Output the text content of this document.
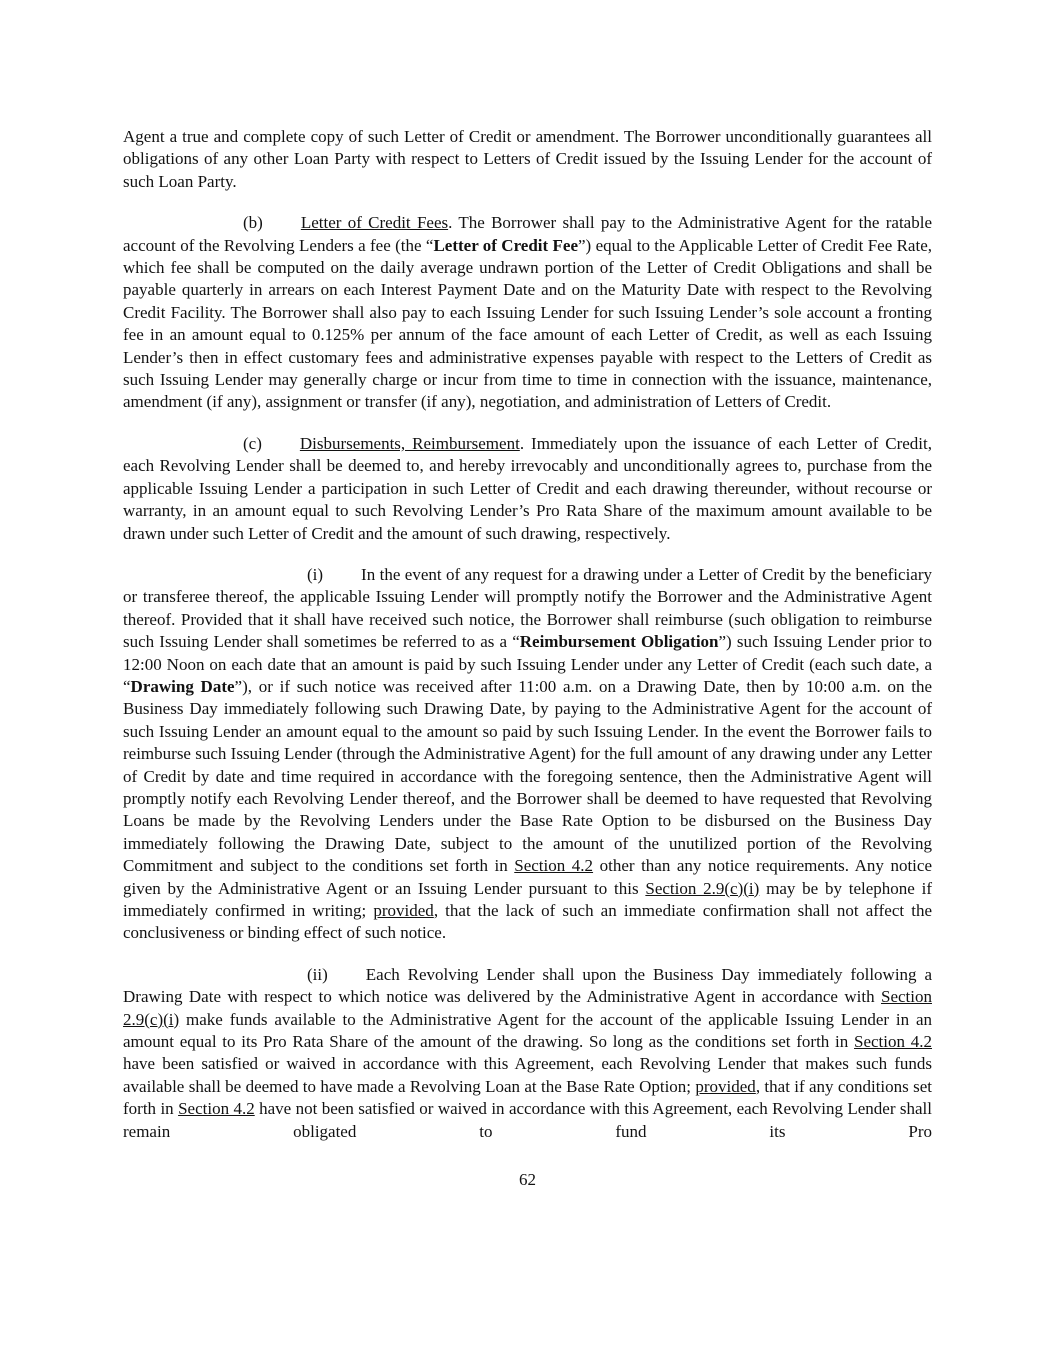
Agent a true and complete copy of such Letter of Credit or amendment. The Borrower unconditionally guarantees all obligations of any other Loan Party with respect to Letters of Credit issued by the Issuing Lender for the account of such Loan Party.

(b) Letter of Credit Fees. The Borrower shall pay to the Administrative Agent for the ratable account of the Revolving Lenders a fee (the “Letter of Credit Fee”) equal to the Applicable Letter of Credit Fee Rate, which fee shall be computed on the daily average undrawn portion of the Letter of Credit Obligations and shall be payable quarterly in arrears on each Interest Payment Date and on the Maturity Date with respect to the Revolving Credit Facility. The Borrower shall also pay to each Issuing Lender for such Issuing Lender’s sole account a fronting fee in an amount equal to 0.125% per annum of the face amount of each Letter of Credit, as well as each Issuing Lender’s then in effect customary fees and administrative expenses payable with respect to the Letters of Credit as such Issuing Lender may generally charge or incur from time to time in connection with the issuance, maintenance, amendment (if any), assignment or transfer (if any), negotiation, and administration of Letters of Credit.

(c) Disbursements, Reimbursement. Immediately upon the issuance of each Letter of Credit, each Revolving Lender shall be deemed to, and hereby irrevocably and unconditionally agrees to, purchase from the applicable Issuing Lender a participation in such Letter of Credit and each drawing thereunder, without recourse or warranty, in an amount equal to such Revolving Lender’s Pro Rata Share of the maximum amount available to be drawn under such Letter of Credit and the amount of such drawing, respectively.

(i) In the event of any request for a drawing under a Letter of Credit by the beneficiary or transferee thereof, the applicable Issuing Lender will promptly notify the Borrower and the Administrative Agent thereof. Provided that it shall have received such notice, the Borrower shall reimburse (such obligation to reimburse such Issuing Lender shall sometimes be referred to as a “Reimbursement Obligation”) such Issuing Lender prior to 12:00 Noon on each date that an amount is paid by such Issuing Lender under any Letter of Credit (each such date, a “Drawing Date”), or if such notice was received after 11:00 a.m. on a Drawing Date, then by 10:00 a.m. on the Business Day immediately following such Drawing Date, by paying to the Administrative Agent for the account of such Issuing Lender an amount equal to the amount so paid by such Issuing Lender. In the event the Borrower fails to reimburse such Issuing Lender (through the Administrative Agent) for the full amount of any drawing under any Letter of Credit by date and time required in accordance with the foregoing sentence, then the Administrative Agent will promptly notify each Revolving Lender thereof, and the Borrower shall be deemed to have requested that Revolving Loans be made by the Revolving Lenders under the Base Rate Option to be disbursed on the Business Day immediately following the Drawing Date, subject to the amount of the unutilized portion of the Revolving Commitment and subject to the conditions set forth in Section 4.2 other than any notice requirements. Any notice given by the Administrative Agent or an Issuing Lender pursuant to this Section 2.9(c)(i) may be by telephone if immediately confirmed in writing; provided, that the lack of such an immediate confirmation shall not affect the conclusiveness or binding effect of such notice.

(ii) Each Revolving Lender shall upon the Business Day immediately following a Drawing Date with respect to which notice was delivered by the Administrative Agent in accordance with Section 2.9(c)(i) make funds available to the Administrative Agent for the account of the applicable Issuing Lender in an amount equal to its Pro Rata Share of the amount of the drawing. So long as the conditions set forth in Section 4.2 have been satisfied or waived in accordance with this Agreement, each Revolving Lender that makes such funds available shall be deemed to have made a Revolving Loan at the Base Rate Option; provided, that if any conditions set forth in Section 4.2 have not been satisfied or waived in accordance with this Agreement, each Revolving Lender shall remain obligated to fund its Pro

62
